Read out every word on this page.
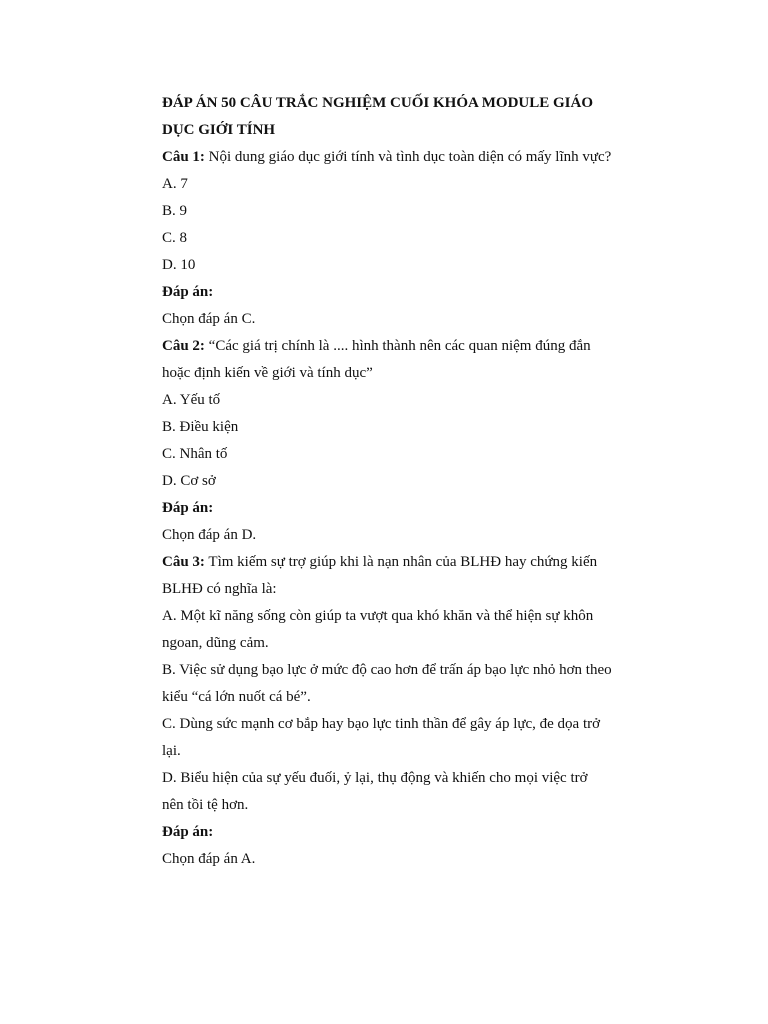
ĐÁP ÁN 50 CÂU TRẮC NGHIỆM CUỐI KHÓA MODULE GIÁO DỤC GIỚI TÍNH

Câu 1: Nội dung giáo dục giới tính và tình dục toàn diện có mấy lĩnh vực?

A. 7

B. 9

C. 8

D. 10

Đáp án:

Chọn đáp án C.

Câu 2: “Các giá trị chính là .... hình thành nên các quan niệm đúng đắn hoặc định kiến về giới và tính dục”

A. Yếu tố

B. Điều kiện

C. Nhân tố

D. Cơ sở

Đáp án:

Chọn đáp án D.

Câu 3: Tìm kiếm sự trợ giúp khi là nạn nhân của BLHĐ hay chứng kiến BLHĐ có nghĩa là:

A. Một kĩ năng sống còn giúp ta vượt qua khó khăn và thể hiện sự khôn ngoan, dũng cảm.

B. Việc sử dụng bạo lực ở mức độ cao hơn để trấn áp bạo lực nhỏ hơn theo kiểu “cá lớn nuốt cá bé”.

C. Dùng sức mạnh cơ bắp hay bạo lực tinh thần để gây áp lực, đe dọa trở lại.

D. Biểu hiện của sự yếu đuối, ỷ lại, thụ động và khiến cho mọi việc trở nên tồi tệ hơn.

Đáp án:

Chọn đáp án A.
